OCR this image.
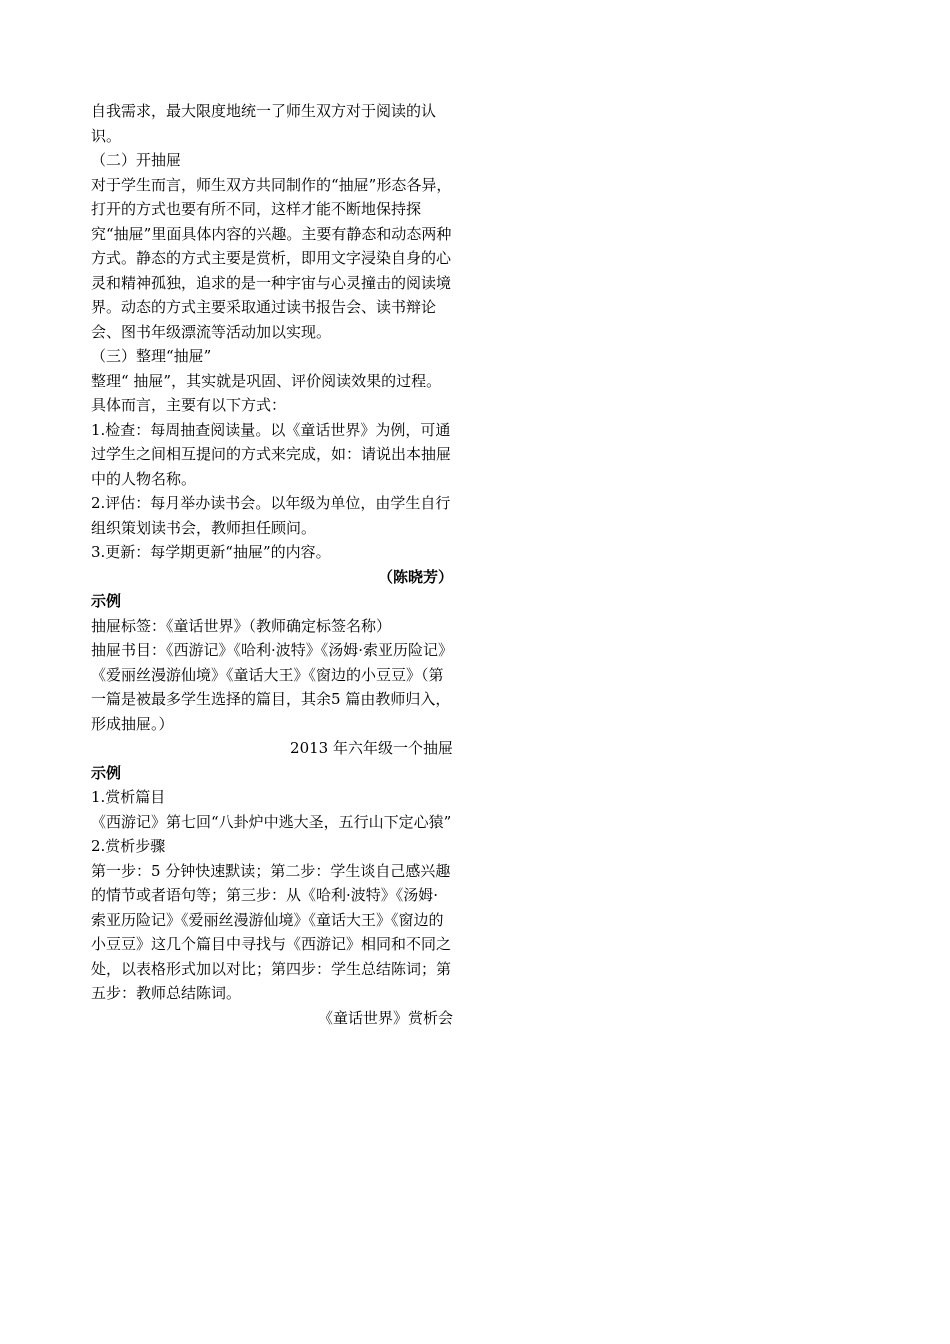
自我需求，最大限度地统一了师生双方对于阅读的认识。

（二）开抽屉

对于学生而言，师生双方共同制作的“抽屉”形态各异，打开的方式也要有所不同，这样才能不断地保持探究“抽屉”里面具体内容的兴趣。主要有静态和动态两种方式。静态的方式主要是赏析，即用文字浸染自身的心灵和精神孤独，追求的是一种宇宙与心灵撞击的阅读境界。动态的方式主要采取通过读书报告会、读书辩论会、图书年级漂流等活动加以实现。

（三）整理“抽屉”

整理“ 抽屉”，其实就是巩固、评价阅读效果的过程。具体而言，主要有以下方式：

1.检查：每周抽查阅读量。以《童话世界》为例，可通过学生之间相互提问的方式来完成，如：请说出本抽屉中的人物名称。

2.评估：每月举办读书会。以年级为单位，由学生自行组织策划读书会，教师担任顾问。

3.更新：每学期更新“抽屉”的内容。

（陈晓芳）

示例

抽屉标签：《童话世界》（教师确定标签名称）

抽屉书目：《西游记》《哈利·波特》《汤姆·索亚历险记》《爱丽丝漫游仙境》《童话大王》《窗边的小豆豆》（第一篇是被最多学生选择的篇目，其余5 篇由教师归入，形成抽屉。）

2013 年六年级一个抽屉

示例

1.赏析篇目

《西游记》第七回“八卦炉中逃大圣，五行山下定心猿”

2.赏析步骤

第一步：5 分钟快速默读；第二步：学生谈自己感兴趣的情节或者语句等；第三步：从《哈利·波特》《汤姆·索亚历险记》《爱丽丝漫游仙境》《童话大王》《窗边的小豆豆》这几个篇目中寻找与《西游记》相同和不同之处，以表格形式加以对比；第四步：学生总结陈词；第五步：教师总结陈词。

《童话世界》赏析会
